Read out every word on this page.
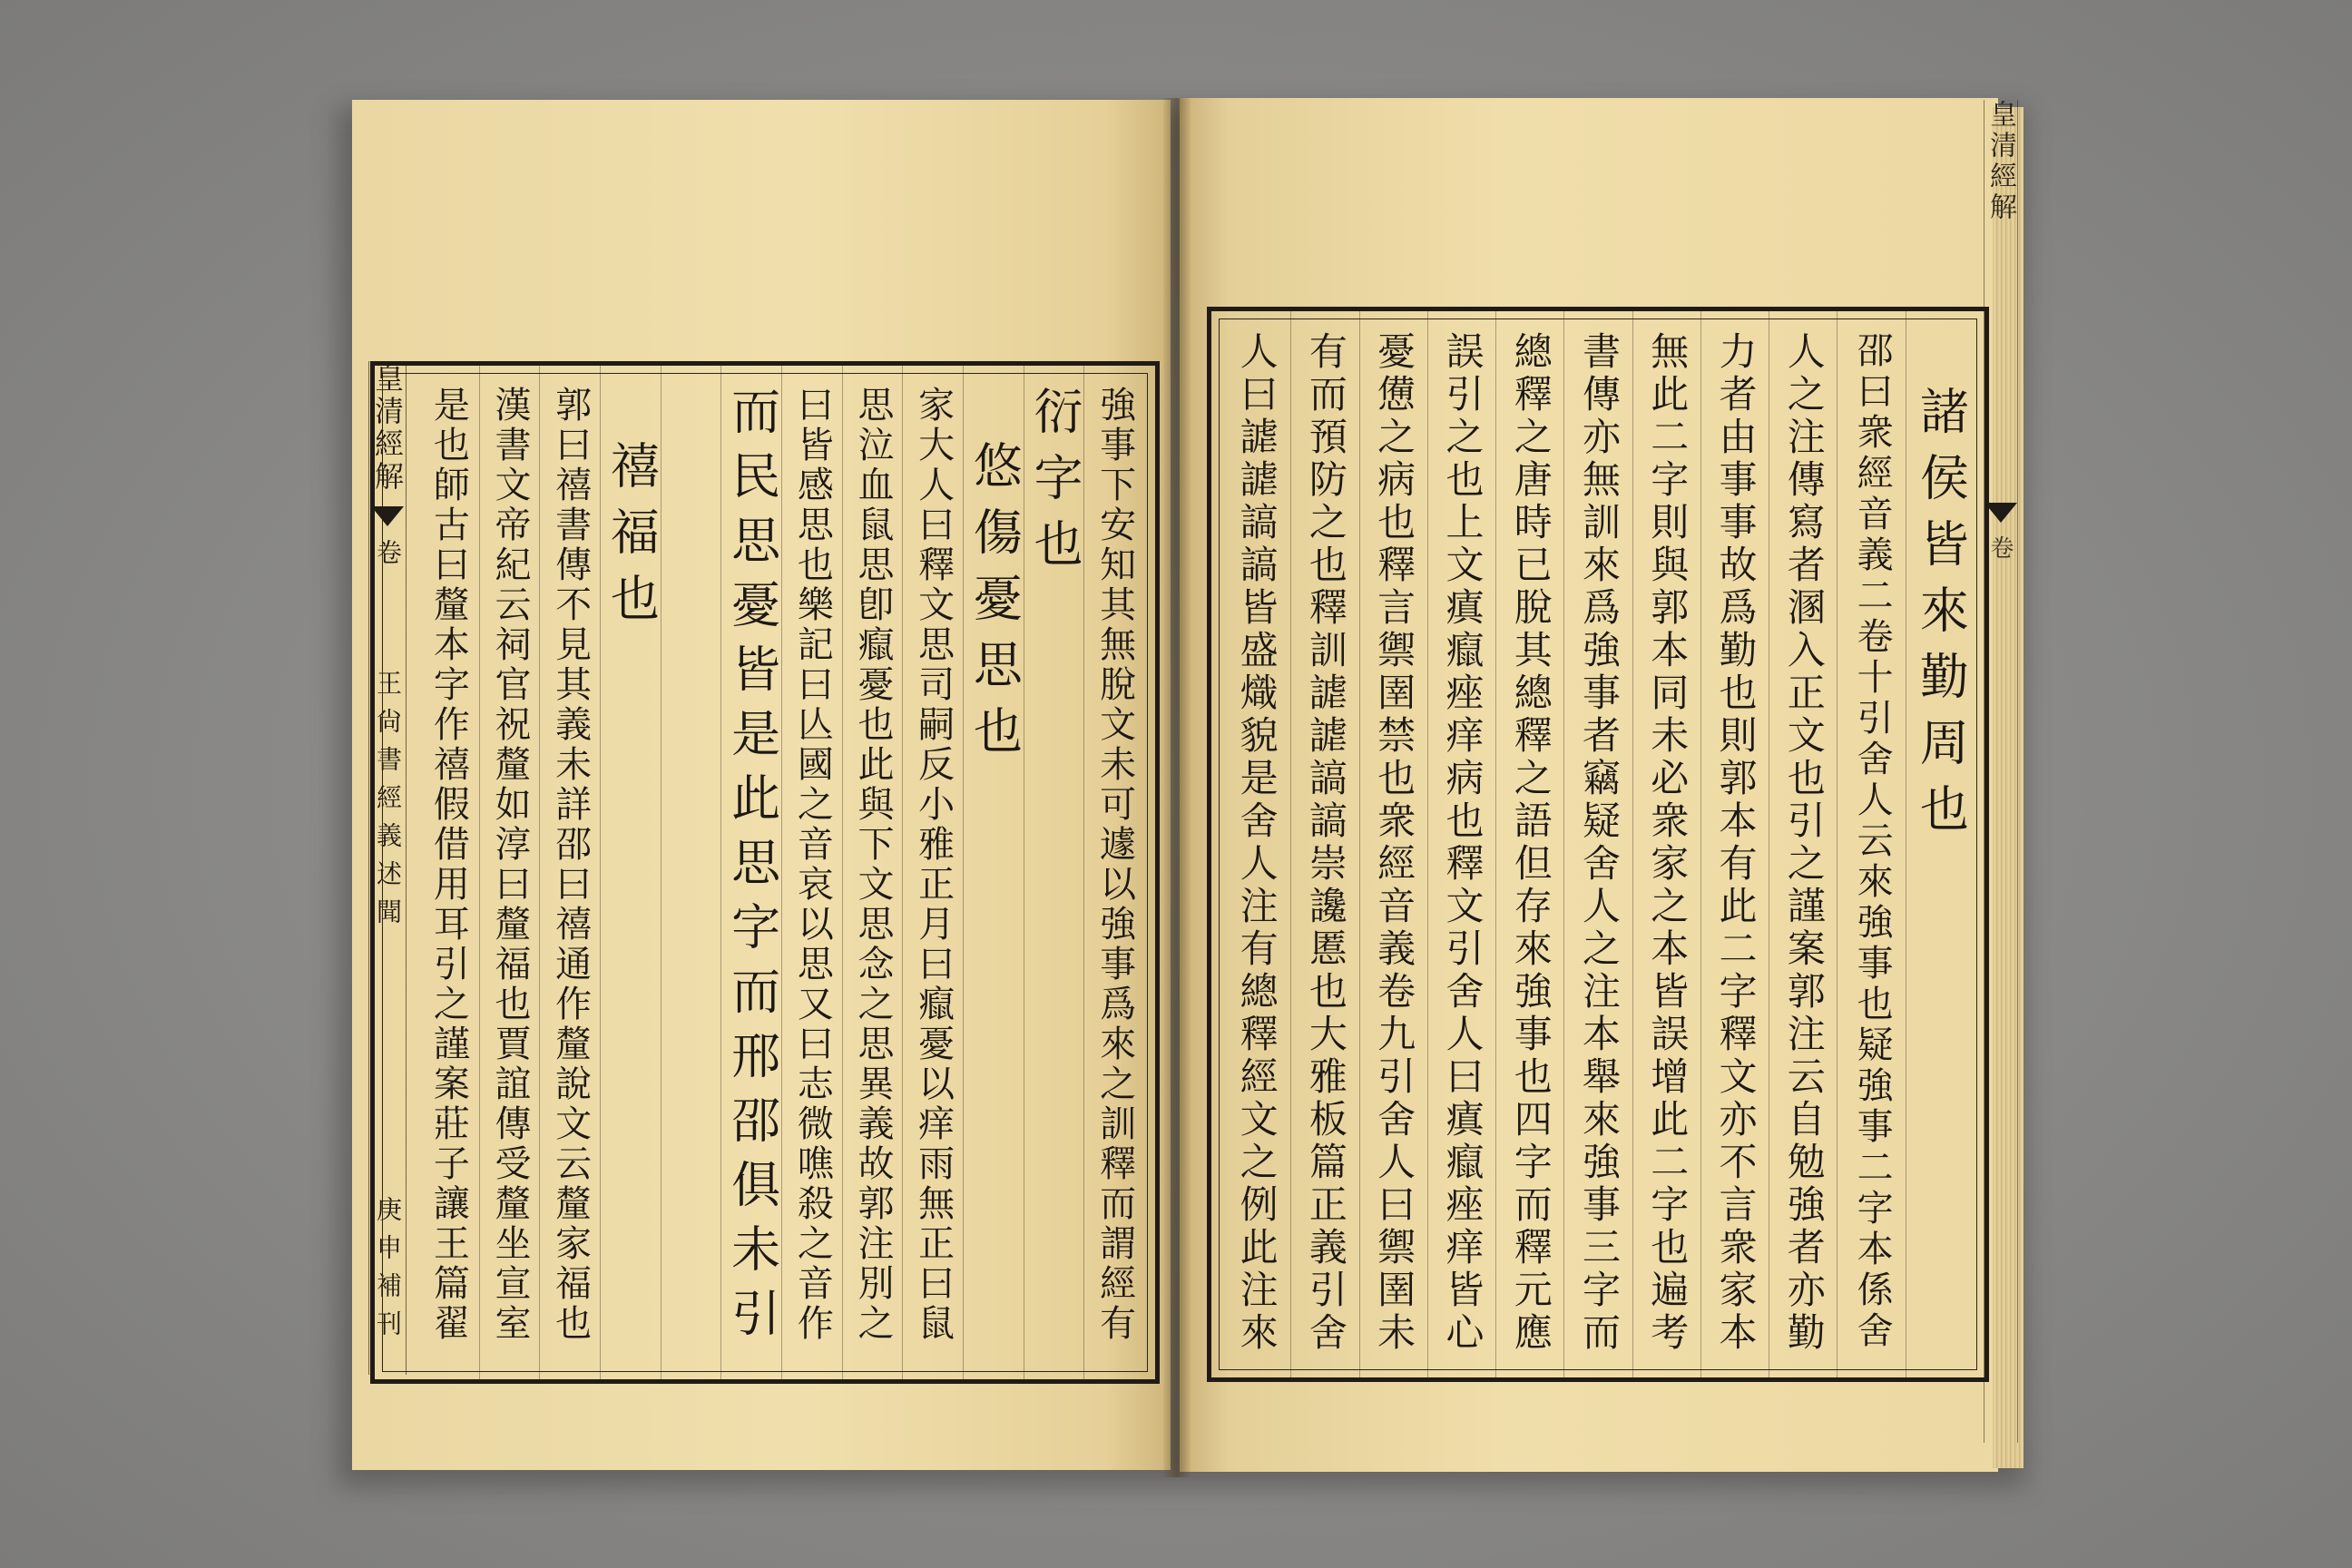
諸侯皆來勤周也
邵曰衆經音義二卷十引舍人云來強事也疑強事二字本係舍
人之注傳寫者溷入正文也引之謹案郭注云自勉強者亦勤
力者由事事故爲勤也則郭本有此二字釋文亦不言衆家本
無此二字則與郭本同未必衆家之本皆誤增此二字也遍考
書傳亦無訓來爲強事者竊疑舍人之注本舉來強事三字而
總釋之唐時已脫其總釋之語但存來強事也四字而釋元應
誤引之也上文瘨癙痤痒病也釋文引舍人曰瘨癙痤痒皆心
憂憊之病也釋言禦圉禁也衆經音義卷九引舍人曰禦圉未
有而預防之也釋訓謔謔謞謞崇讒慝也大雅板篇正義引舍
人曰謔謔謞謞皆盛熾貌是舍人注有總釋經文之例此注來
皇清經解
卷
強事下安知其無脫文未可遽以強事爲來之訓釋而謂經有
衍字也
悠傷憂思也
家大人曰釋文思司嗣反小雅正月曰癙憂以痒雨無正曰鼠
思泣血鼠思卽癙憂也此與下文思念之思異義故郭注別之
曰皆感思也樂記曰亾國之音哀以思又曰志微噍殺之音作
而民思憂皆是此思字而邢邵俱未引
禧福也
郭曰禧書傳不見其義未詳邵曰禧通作釐說文云釐家福也
漢書文帝紀云祠官祝釐如淳曰釐福也賈誼傳受釐坐宣室
是也師古曰釐本字作禧假借用耳引之謹案莊子讓王篇翟
皇清經解
卷
王尙書經義述聞
庚申補刊
⠀
